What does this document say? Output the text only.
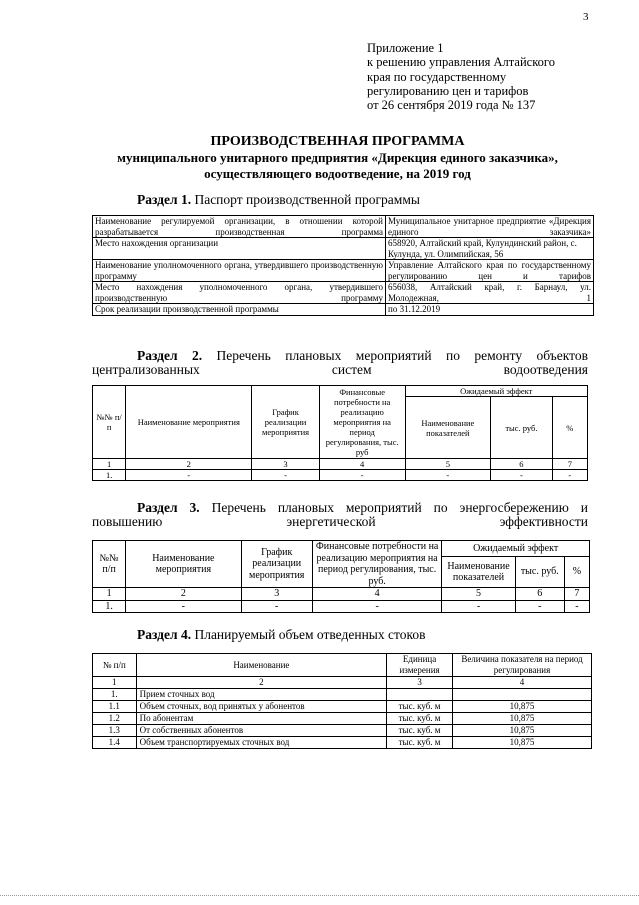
3
Приложение 1
к решению управления Алтайского
края по государственному
регулированию цен и тарифов
от 26 сентября 2019 года № 137
ПРОИЗВОДСТВЕННАЯ ПРОГРАММА
муниципального унитарного предприятия «Дирекция единого заказчика»,
осуществляющего водоотведение, на 2019 год
Раздел 1. Паспорт производственной программы
Наименование регулируемой организации, в отношении которой разрабатывается производственная программа	Муниципальное унитарное предприятие «Дирекция единого заказчика»
Место нахождения организации	658920, Алтайский край, Кулундинский район, с. Кулунда, ул. Олимпийская, 56
Наименование уполномоченного органа, утвердившего производственную программу	Управление Алтайского края по государственному регулированию цен и тарифов
Место нахождения уполномоченного органа, утвердившего производственную программу	656038, Алтайский край, г. Барнаул, ул. Молодежная, 1
Срок реализации производственной программы	по 31.12.2019
Раздел 2. Перечень плановых мероприятий по ремонту объектов централизованных систем водоотведения
№№ п/п	Наименование мероприятия	График реализации мероприятия	Финансовые потребности на реализацию мероприятия на период регулирования, тыс. руб	Ожидаемый эффект		
				Наименование показателей	тыс. руб.	%
1	2	3	4	5	6	7
1.	-	-	-	-	-	-
Раздел 3. Перечень плановых мероприятий по энергосбережению и повышению энергетической эффективности
№№ п/п	Наименование мероприятия	График реализации мероприятия	Финансовые потребности на реализацию мероприятия на период регулирования, тыс. руб.	Ожидаемый эффект		
				Наименование показателей	тыс. руб.	%
1	2	3	4	5	6	7
1.	-	-	-	-	-	-
Раздел 4. Планируемый объем отведенных стоков
№ п/п	Наименование	Единица измерения	Величина показателя на период регулирования
1	2	3	4
1.	Прием сточных вод		
1.1	Объем сточных, вод принятых у абонентов	тыс. куб. м	10,875
1.2	По абонентам	тыс. куб. м	10,875
1.3	От собственных абонентов	тыс. куб. м	10,875
1.4	Объем транспортируемых сточных вод	тыс. куб. м	10,875
